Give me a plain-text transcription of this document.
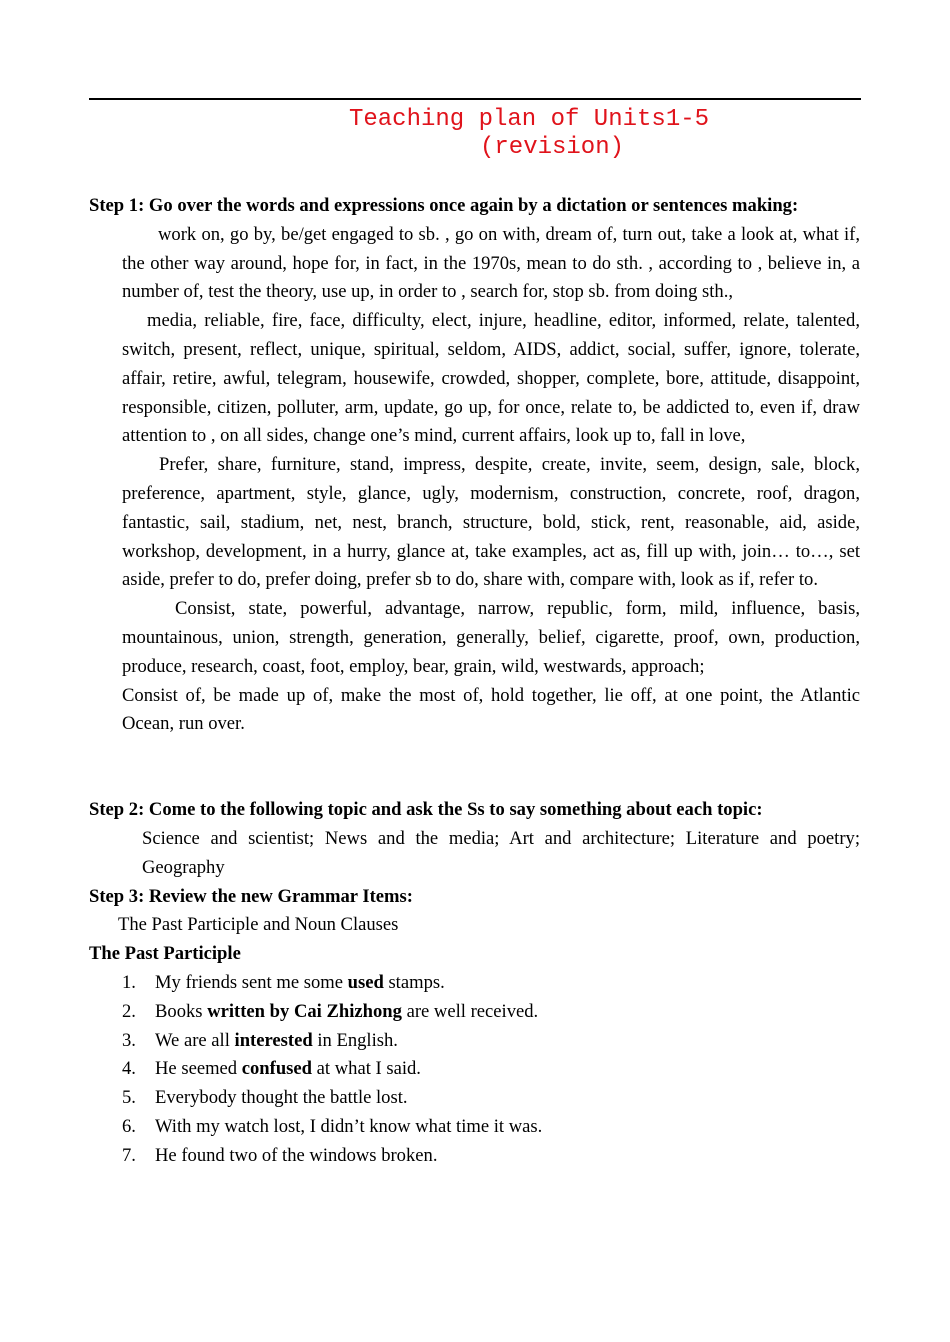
Teaching plan of Units1-5
(revision)

Step 1: Go over the words and expressions once again by a dictation or sentences making:

work on, go by, be/get engaged to sb. , go on with, dream of, turn out, take a look at, what if, the other way around, hope for, in fact, in the 1970s, mean to do sth. , according to , believe in, a number of, test the theory, use up, in order to , search for, stop sb. from doing sth.,

media, reliable, fire, face, difficulty, elect, injure, headline, editor, informed, relate, talented, switch, present, reflect, unique, spiritual, seldom, AIDS, addict, social, suffer, ignore, tolerate, affair, retire, awful, telegram, housewife, crowded, shopper, complete, bore, attitude, disappoint, responsible, citizen, polluter, arm, update, go up, for once, relate to, be addicted to, even if, draw attention to , on all sides, change one’s mind, current affairs, look up to, fall in love,

Prefer, share, furniture, stand, impress, despite, create, invite, seem, design, sale, block, preference, apartment, style, glance, ugly, modernism, construction, concrete, roof, dragon, fantastic, sail, stadium, net, nest, branch, structure, bold, stick, rent, reasonable, aid, aside, workshop, development, in a hurry, glance at, take examples, act as, fill up with, join… to…, set aside, prefer to do, prefer doing, prefer sb to do, share with, compare with, look as if, refer to.

Consist, state, powerful, advantage, narrow, republic, form, mild, influence, basis, mountainous, union, strength, generation, generally, belief, cigarette, proof, own, production, produce, research, coast, foot, employ, bear, grain, wild, westwards, approach;

Consist of, be made up of, make the most of, hold together, lie off, at one point, the Atlantic Ocean, run over.

Step 2: Come to the following topic and ask the Ss to say something about each topic:

Science and scientist; News and the media; Art and architecture; Literature and poetry; Geography

Step 3: Review the new Grammar Items:

The Past Participle and Noun Clauses

The Past Participle

1.	My friends sent me some used stamps.
2.	Books written by Cai Zhizhong are well received.
3.	We are all interested in English.
4.	He seemed confused at what I said.
5.	Everybody thought the battle lost.
6.	With my watch lost, I didn’t know what time it was.
7.	He found two of the windows broken.
